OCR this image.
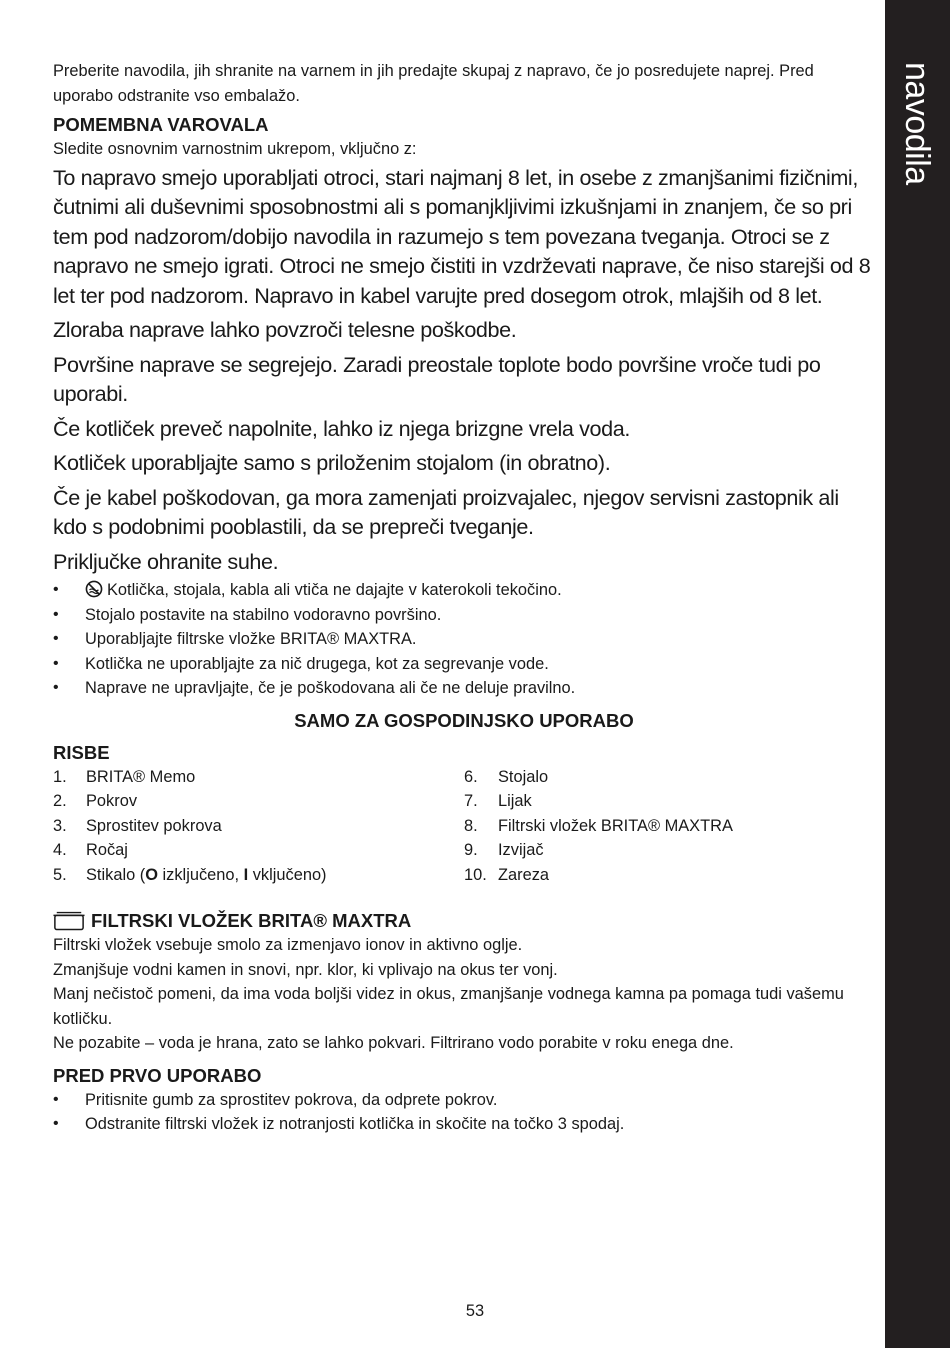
navodila

Preberite navodila, jih shranite na varnem in jih predajte skupaj z napravo, če jo posredujete naprej. Pred uporabo odstranite vso embalažo.

POMEMBNA VAROVALA

Sledite osnovnim varnostnim ukrepom, vključno z:

To napravo smejo uporabljati otroci, stari najmanj 8 let, in osebe z zmanjšanimi fizičnimi, čutnimi ali duševnimi sposobnostmi ali s pomanjkljivimi izkušnjami in znanjem, če so pri tem pod nadzorom/dobijo navodila in razumejo s tem povezana tveganja. Otroci se z napravo ne smejo igrati. Otroci ne smejo čistiti in vzdrževati naprave, če niso starejši od 8 let ter pod nadzorom. Napravo in kabel varujte pred dosegom otrok, mlajših od 8 let.

Zloraba naprave lahko povzroči telesne poškodbe.

Površine naprave se segrejejo. Zaradi preostale toplote bodo površine vroče tudi po uporabi.

Če kotliček preveč napolnite, lahko iz njega brizgne vrela voda.

Kotliček uporabljajte samo s priloženim stojalom (in obratno).

Če je kabel poškodovan, ga mora zamenjati proizvajalec, njegov servisni zastopnik ali kdo s podobnimi pooblastili, da se prepreči tveganje.

Priključke ohranite suhe.

•	Kotlička, stojala, kabla ali vtiča ne dajajte v katerokoli tekočino.
• Stojalo postavite na stabilno vodoravno površino.
• Uporabljajte filtrske vložke BRITA® MAXTRA.
• Kotlička ne uporabljajte za nič drugega, kot za segrevanje vode.
• Naprave ne upravljajte, če je poškodovana ali če ne deluje pravilno.

SAMO ZA GOSPODINJSKO UPORABO

RISBE

1.	BRITA® Memo
2.	Pokrov
3.	Sprostitev pokrova
4.	Ročaj
5.	Stikalo (O izključeno, I vključeno)
6.	Stojalo
7.	Lijak
8.	Filtrski vložek BRITA® MAXTRA
9.	Izvijač
10. Zareza
FILTRSKI VLOŽEK BRITA® MAXTRA

Filtrski vložek vsebuje smolo za izmenjavo ionov in aktivno oglje.

Zmanjšuje vodni kamen in snovi, npr. klor, ki vplivajo na okus ter vonj.

Manj nečistoč pomeni, da ima voda boljši videz in okus, zmanjšanje vodnega kamna pa pomaga tudi vašemu kotličku.

Ne pozabite – voda je hrana, zato se lahko pokvari. Filtrirano vodo porabite v roku enega dne.

PRED PRVO UPORABO

• Pritisnite gumb za sprostitev pokrova, da odprete pokrov.
• Odstranite filtrski vložek iz notranjosti kotlička in skočite na točko 3 spodaj.
53
